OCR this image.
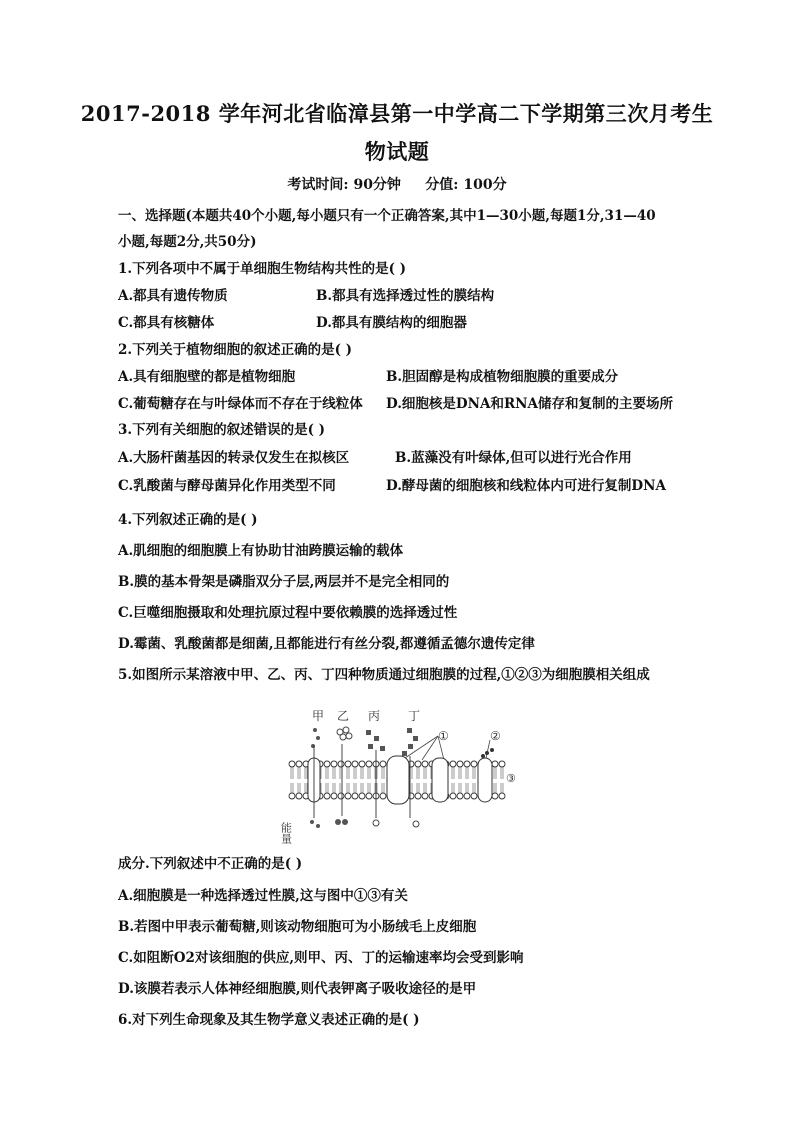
2017-2018 学年河北省临漳县第一中学高二下学期第三次月考生
物试题
考试时间: 90分钟     分值: 100分
一、选择题(本题共40个小题,每小题只有一个正确答案,其中1—30小题,每题1分,31—40
小题,每题2分,共50分)
1.下列各项中不属于单细胞生物结构共性的是( )
A.都具有遗传物质	B.都具有选择透过性的膜结构
C.都具有核糖体	D.都具有膜结构的细胞器
2.下列关于植物细胞的叙述正确的是( )
A.具有细胞壁的都是植物细胞	B.胆固醇是构成植物细胞膜的重要成分
C.葡萄糖存在与叶绿体而不存在于线粒体 D.细胞核是DNA和RNA储存和复制的主要场所
3.下列有关细胞的叙述错误的是( )
A.大肠杆菌基因的转录仅发生在拟核区	B.蓝藻没有叶绿体,但可以进行光合作用
C.乳酸菌与酵母菌异化作用类型不同	D.酵母菌的细胞核和线粒体内可进行复制DNA
4.下列叙述正确的是( )
A.肌细胞的细胞膜上有协助甘油跨膜运输的载体
B.膜的基本骨架是磷脂双分子层,两层并不是完全相同的
C.巨噬细胞摄取和处理抗原过程中要依赖膜的选择透过性
D.霉菌、乳酸菌都是细菌,且都能进行有丝分裂,都遵循孟德尔遗传定律
5.如图所示某溶液中甲、乙、丙、丁四种物质通过细胞膜的过程,①②③为细胞膜相关组成
甲 乙 丙 丁
①	②
③
能量
成分.下列叙述中不正确的是( )
A.细胞膜是一种选择透过性膜,这与图中①③有关
B.若图中甲表示葡萄糖,则该动物细胞可为小肠绒毛上皮细胞
C.如阻断O2对该细胞的供应,则甲、丙、丁的运输速率均会受到影响
D.该膜若表示人体神经细胞膜,则代表钾离子吸收途径的是甲
6.对下列生命现象及其生物学意义表述正确的是( )
